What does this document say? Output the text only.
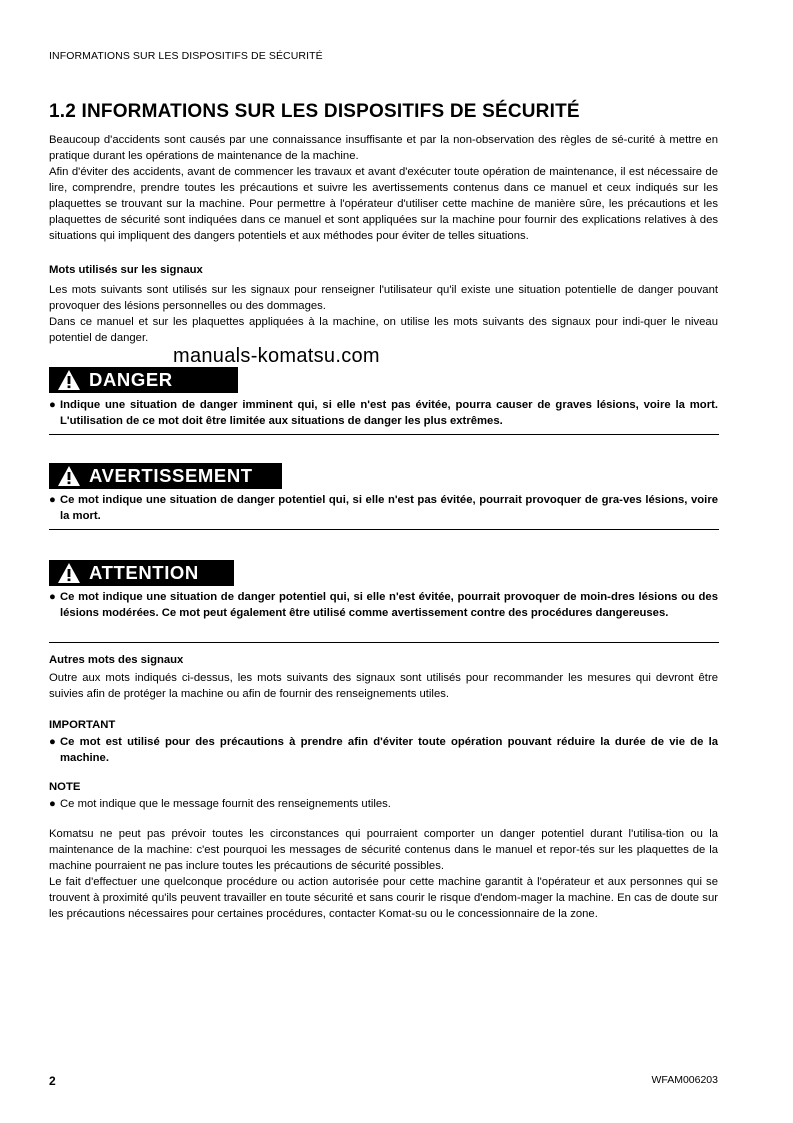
INFORMATIONS SUR LES DISPOSITIFS DE SÉCURITÉ
1.2 INFORMATIONS SUR LES DISPOSITIFS DE SÉCURITÉ

Beaucoup d'accidents sont causés par une connaissance insuffisante et par la non-observation des règles de sé-curité à mettre en pratique durant les opérations de maintenance de la machine.

Afin d'éviter des accidents, avant de commencer les travaux et avant d'exécuter toute opération de maintenance, il est nécessaire de lire, comprendre, prendre toutes les précautions et suivre les avertissements contenus dans ce manuel et ceux indiqués sur les plaquettes se trouvant sur la machine. Pour permettre à l'opérateur d'utiliser cette machine de manière sûre, les précautions et les plaquettes de sécurité sont indiquées dans ce manuel et sont appliquées sur la machine pour fournir des explications relatives à des situations qui impliquent des dangers potentiels et aux méthodes pour éviter de telles situations.

Mots utilisés sur les signaux

Les mots suivants sont utilisés sur les signaux pour renseigner l'utilisateur qu'il existe une situation potentielle de danger pouvant provoquer des lésions personnelles ou des dommages.

Dans ce manuel et sur les plaquettes appliquées à la machine, on utilise les mots suivants des signaux pour indi-quer le niveau potentiel de danger.

manuals-komatsu.com
DANGER
● Indique une situation de danger imminent qui, si elle n'est pas évitée, pourra causer de graves lésions, voire la mort. L'utilisation de ce mot doit être limitée aux situations de danger les plus extrêmes.
AVERTISSEMENT
● Ce mot indique une situation de danger potentiel qui, si elle n'est pas évitée, pourrait provoquer de gra-ves lésions, voire la mort.
ATTENTION
● Ce mot indique une situation de danger potentiel qui, si elle n'est évitée, pourrait provoquer de moin-dres lésions ou des lésions modérées. Ce mot peut également être utilisé comme avertissement contre des procédures dangereuses.

Autres mots des signaux

Outre aux mots indiqués ci-dessus, les mots suivants des signaux sont utilisés pour recommander les mesures qui devront être suivies afin de protéger la machine ou afin de fournir des renseignements utiles.

IMPORTANT

● Ce mot est utilisé pour des précautions à prendre afin d'éviter toute opération pouvant réduire la durée de vie de la machine.

NOTE

● Ce mot indique que le message fournit des renseignements utiles.

Komatsu ne peut pas prévoir toutes les circonstances qui pourraient comporter un danger potentiel durant l'utilisa-tion ou la maintenance de la machine: c'est pourquoi les messages de sécurité contenus dans le manuel et repor-tés sur les plaquettes de la machine pourraient ne pas inclure toutes les précautions de sécurité possibles.

Le fait d'effectuer une quelconque procédure ou action autorisée pour cette machine garantit à l'opérateur et aux personnes qui se trouvent à proximité qu'ils peuvent travailler en toute sécurité et sans courir le risque d'endom-mager la machine. En cas de doute sur les précautions nécessaires pour certaines procédures, contacter Komat-su ou le concessionnaire de la zone.

2	WFAM006203
